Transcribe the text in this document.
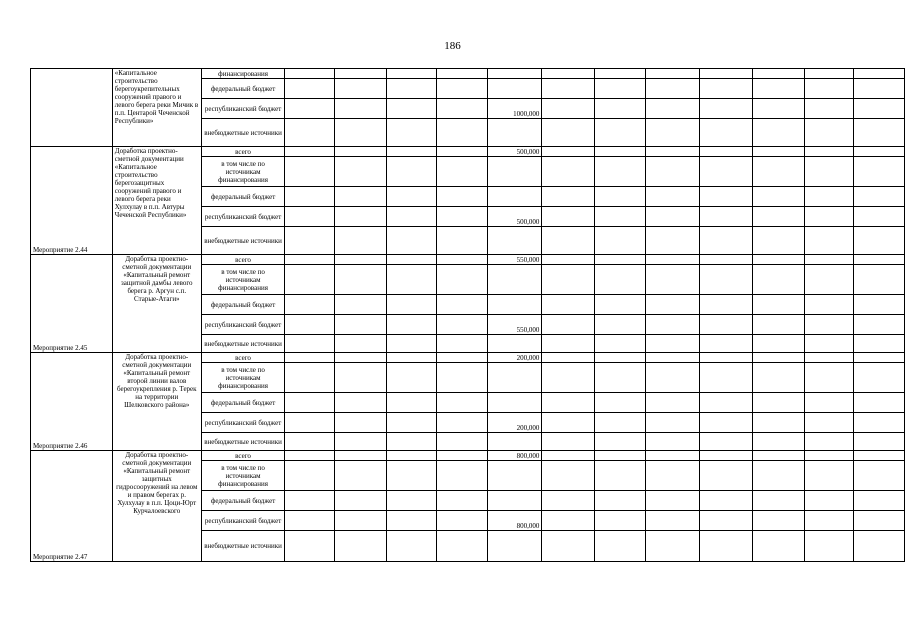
186
	«Капитальное строительство берегоукрепительных сооружений правого и левого берега реки Мичик в п.п. Центарой Чеченской Республики»	финансирования												
		федеральный бюджет												
		республиканский бюджет					1000,000							
		внебюджетные источники												
Мероприятие 2.44	Доработка проектно-сметной документации «Капитальное строительство берегозащитных сооружений правого и левого берега реки Хулхулау в п.п. Автуры Чеченской Республики»	всего					500,000							
		в том числе по источникам финансирования												
		федеральный бюджет												
		республиканский бюджет					500,000							
		внебюджетные источники												
Мероприятие 2.45	Доработка проектно-сметной документации «Капитальный ремонт защитной дамбы левого берега р. Аргун с.п. Старые-Атаги»	всего					550,000							
		в том числе по источникам финансирования												
		федеральный бюджет												
		республиканский бюджет					550,000							
		внебюджетные источники												
Мероприятие 2.46	Доработка проектно-сметной документации «Капитальный ремонт второй линии валов берегоукрепления р. Терек на территории Шелковского района»	всего					200,000							
		в том числе по источникам финансирования												
		федеральный бюджет												
		республиканский бюджет					200,000							
		внебюджетные источники												
Мероприятие 2.47	Доработка проектно-сметной документации «Капитальный ремонт защитных гидросооружений на левом и правом берегах р. Хулхулау в п.п. Цоци-Юрт Курчалоевского	всего					800,000							
		в том числе по источникам финансирования												
		федеральный бюджет												
		республиканский бюджет					800,000							
		внебюджетные источники												
